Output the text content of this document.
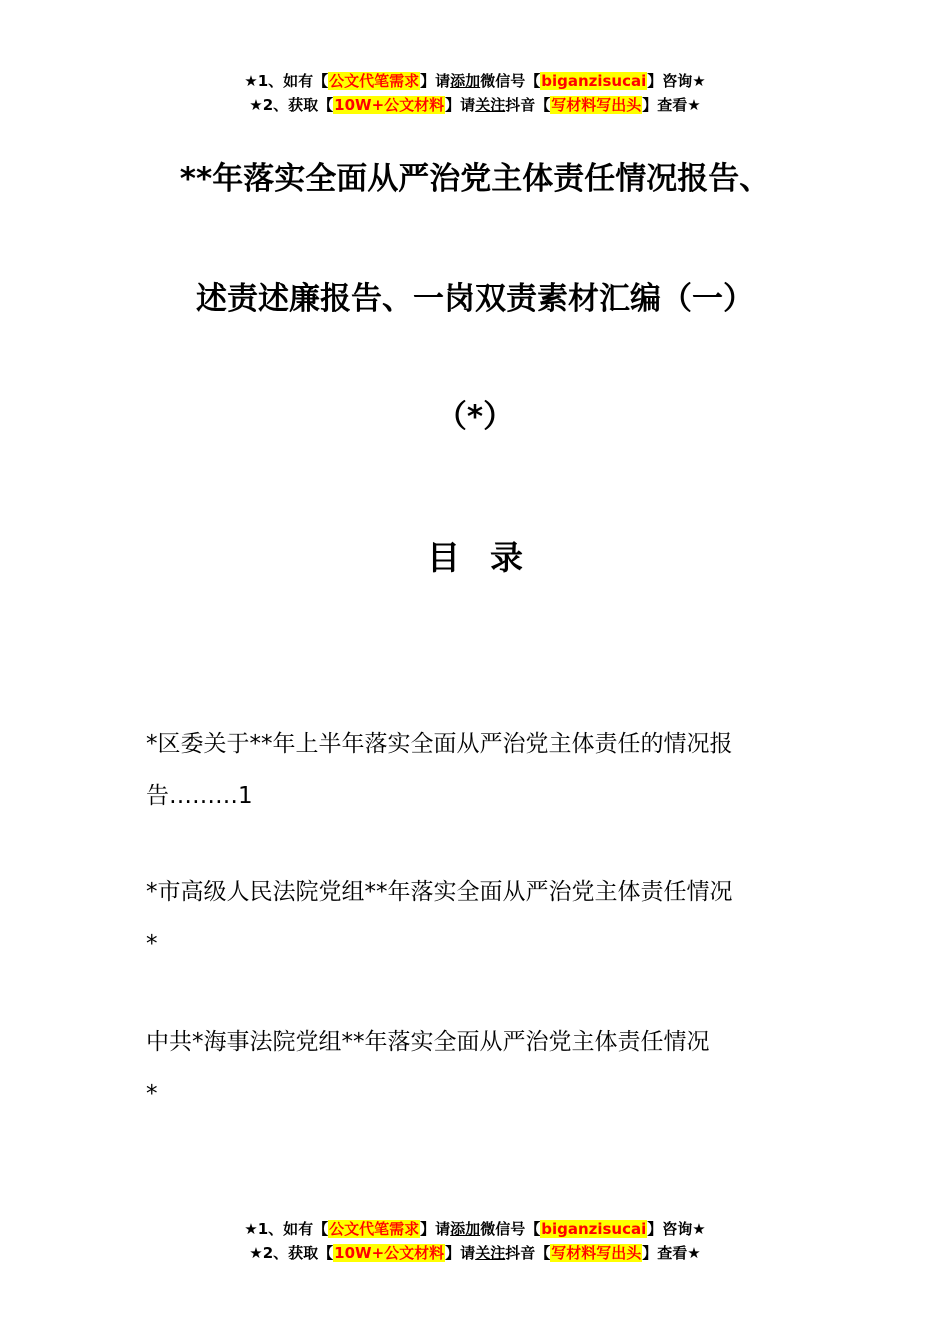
★1、如有【公文代笔需求】请添加微信号【biganzisucai】咨询★
★2、获取【10W+公文材料】请关注抖音【写材料写出头】查看★
**年落实全面从严治党主体责任情况报告、
述责述廉报告、一岗双责素材汇编（一）
（*）
目录
*区委关于**年上半年落实全面从严治党主体责任的情况报
告………1
*市高级人民法院党组**年落实全面从严治党主体责任情况
*
中共*海事法院党组**年落实全面从严治党主体责任情况
*
★1、如有【公文代笔需求】请添加微信号【biganzisucai】咨询★
★2、获取【10W+公文材料】请关注抖音【写材料写出头】查看★
